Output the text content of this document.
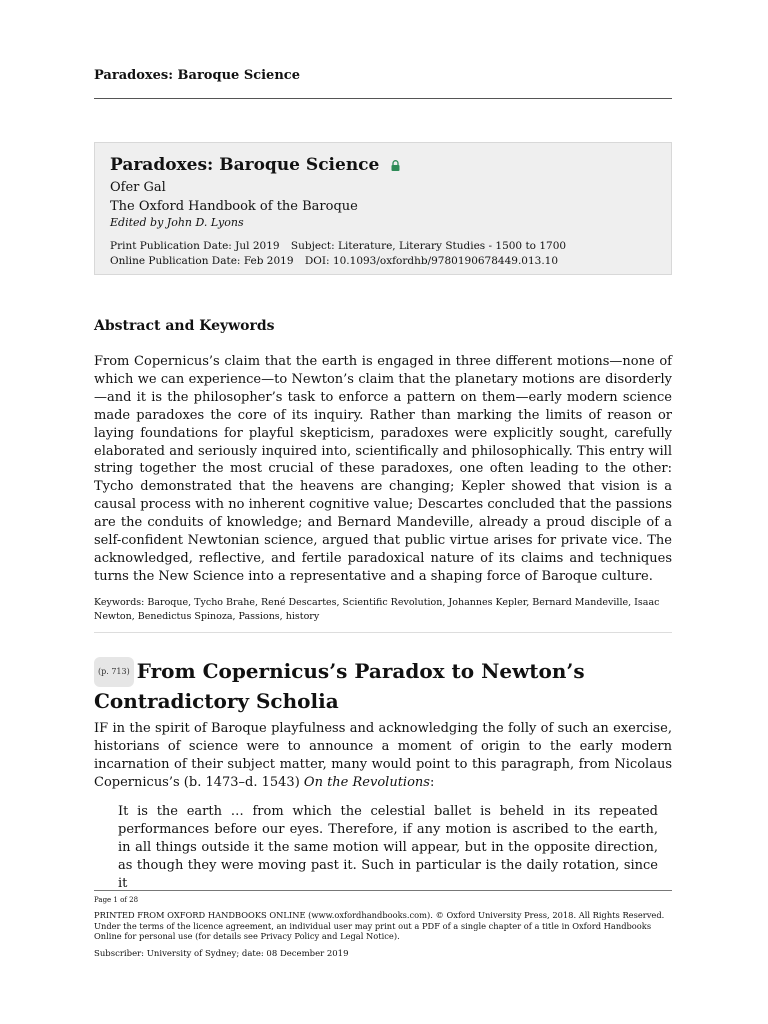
Paradoxes: Baroque Science
Paradoxes: Baroque Science
Ofer Gal
The Oxford Handbook of the Baroque
Edited by John D. Lyons
Print Publication Date: Jul 2019 Subject: Literature, Literary Studies - 1500 to 1700
Online Publication Date: Feb 2019 DOI: 10.1093/oxfordhb/9780190678449.013.10
Abstract and Keywords

From Copernicus’s claim that the earth is engaged in three different motions—none of which we can experience—to Newton’s claim that the planetary motions are disorderly—and it is the philosopher’s task to enforce a pattern on them—early modern science made paradoxes the core of its inquiry. Rather than marking the limits of reason or laying foundations for playful skepticism, paradoxes were explicitly sought, carefully elaborated and seriously inquired into, scientifically and philosophically. This entry will string together the most crucial of these paradoxes, one often leading to the other: Tycho demonstrated that the heavens are changing; Kepler showed that vision is a causal process with no inherent cognitive value; Descartes concluded that the passions are the conduits of knowledge; and Bernard Mandeville, already a proud disciple of a self-confident Newtonian science, argued that public virtue arises for private vice. The acknowledged, reflective, and fertile paradoxical nature of its claims and techniques turns the New Science into a representative and a shaping force of Baroque culture.

Keywords: Baroque, Tycho Brahe, René Descartes, Scientific Revolution, Johannes Kepler, Bernard Mandeville, Isaac Newton, Benedictus Spinoza, Passions, history

(p. 713) From Copernicus’s Paradox to Newton’s Contradictory Scholia

IF in the spirit of Baroque playfulness and acknowledging the folly of such an exercise, historians of science were to announce a moment of origin to the early modern incarnation of their subject matter, many would point to this paragraph, from Nicolaus Copernicus’s (b. 1473–d. 1543) On the Revolutions:

It is the earth … from which the celestial ballet is beheld in its repeated performances before our eyes. Therefore, if any motion is ascribed to the earth, in all things outside it the same motion will appear, but in the opposite direction, as though they were moving past it. Such in particular is the daily rotation, since it

Page 1 of 28

PRINTED FROM OXFORD HANDBOOKS ONLINE (www.oxfordhandbooks.com). © Oxford University Press, 2018. All Rights Reserved. Under the terms of the licence agreement, an individual user may print out a PDF of a single chapter of a title in Oxford Handbooks Online for personal use (for details see Privacy Policy and Legal Notice).

Subscriber: University of Sydney; date: 08 December 2019
